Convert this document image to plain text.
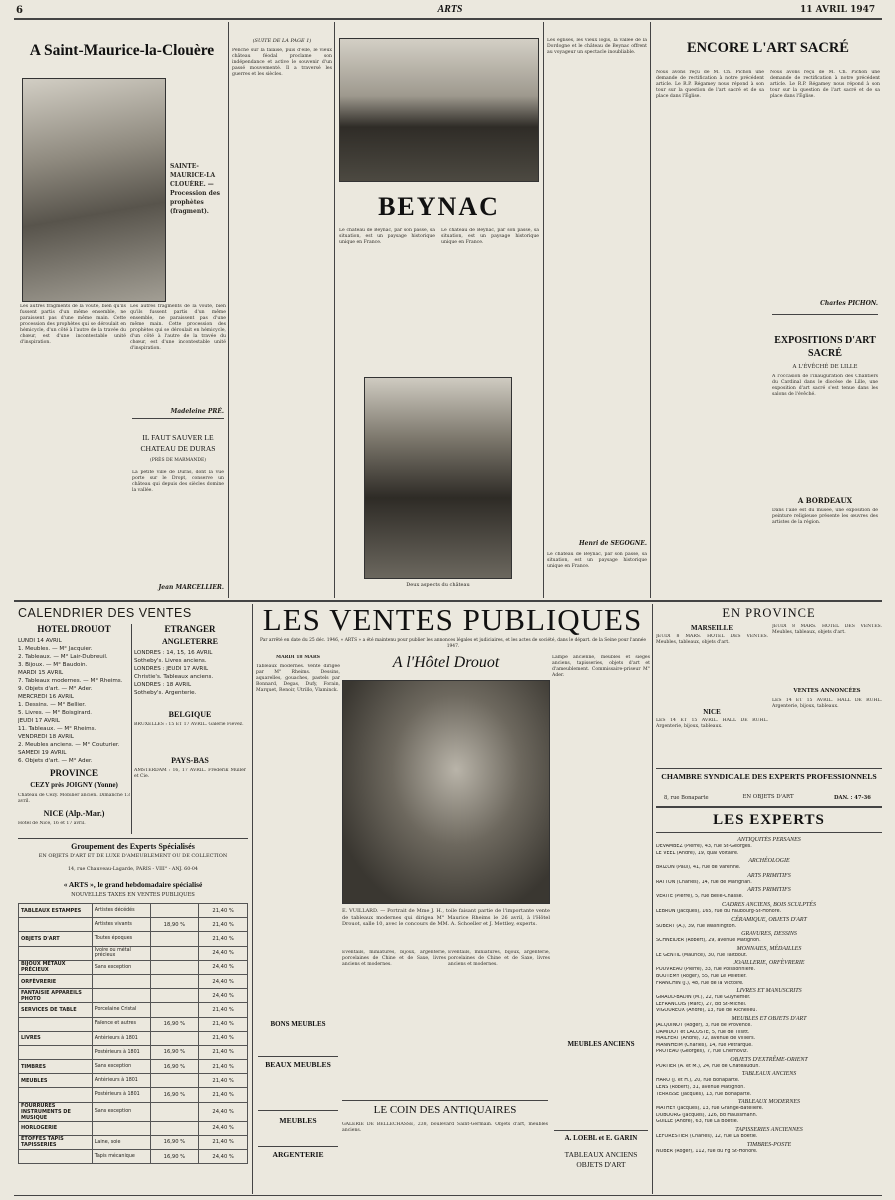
6	ARTS	11 AVRIL 1947
A Saint-Maurice-la-Clouère
SAINTE-MAURICE-LA CLOUÈRE. — Procession des prophètes (fragment).
Les autres fragments de la voûte, bien qu'ils fussent partis d'un même ensemble, ne paraissent pas d'une même main. Cette procession des prophètes qui se déroulait en hémicycle, d'un côté à l'autre de la travée du chœur, est d'une incontestable unité d'inspiration.
Les autres fragments de la voûte, bien qu'ils fussent partis d'un même ensemble, ne paraissent pas d'une même main. Cette procession des prophètes qui se déroulait en hémicycle, d'un côté à l'autre de la travée du chœur, est d'une incontestable unité d'inspiration.
Madeleine PRÉ.
IL FAUT SAUVER LE CHATEAU DE DURAS
(PRÈS DE MARMANDE)
La petite ville de Duras, dont la vue porte sur le Dropt, conserve un château qui depuis des siècles domine la vallée.
Jean MARCELLIER.
(SUITE DE LA PAGE 1)
Penché sur la falaise, puis d'elle, le vieux château féodal proclame son indépendance et active le souvenir d'un passé mouvementé. Il a traversé les guerres et les siècles.
BEYNAC
Le château de Beynac, par son passé, sa situation, est un paysage historique unique en France.
Le château de Beynac, par son passé, sa situation, est un paysage historique unique en France.
Deux aspects du château
Les églises, les vieux logis, la vallée de la Dordogne et le château de Beynac offrent au voyageur un spectacle inoubliable.
Henri de SEGOGNE.
Le château de Beynac, par son passé, sa situation, est un paysage historique unique en France.
ENCORE L'ART SACRÉ
Nous avons reçu de M. Ch. Pichon une demande de rectification à notre précédent article. Le R.P. Régamey nous répond à son tour sur la question de l'art sacré et de sa place dans l'Église.
Nous avons reçu de M. Ch. Pichon une demande de rectification à notre précédent article. Le R.P. Régamey nous répond à son tour sur la question de l'art sacré et de sa place dans l'Église.
Charles PICHON.
EXPOSITIONS D'ART SACRÉ
A L'ÉVÊCHÉ DE LILLE
A l'occasion de l'inauguration des Chantiers du Cardinal dans le diocèse de Lille, une exposition d'art sacré s'est tenue dans les salons de l'évêché.
A BORDEAUX
Dans l'aile est du musée, une exposition de peinture religieuse présente les œuvres des artistes de la région.
CALENDRIER DES VENTES
HOTEL DROUOT
LUNDI 14 AVRIL
1. Meubles. — M° Jacquier.
2. Tableaux. — M° Lair-Dubreuil.
3. Bijoux. — M° Baudoin.
MARDI 15 AVRIL
7. Tableaux modernes. — M° Rheims.
9. Objets d'art. — M° Ader.
MERCREDI 16 AVRIL
1. Dessins. — M° Bellier.
5. Livres. — M° Boisgirard.
JEUDI 17 AVRIL
11. Tableaux. — M° Rheims.
VENDREDI 18 AVRIL
2. Meubles anciens. — M° Couturier.
SAMEDI 19 AVRIL
6. Objets d'art. — M° Ader.
PROVINCE
CEZY près JOIGNY (Yonne)
Château de Cezy. Mobilier ancien. Dimanche 13 avril.
NICE (Alp.-Mar.)
Hôtel de Nice, 16 et 17 avril.
ETRANGER
ANGLETERRE
LONDRES : 14, 15, 16 AVRIL
Sotheby's. Livres anciens.
LONDRES : JEUDI 17 AVRIL
Christie's. Tableaux anciens.
LONDRES : 18 AVRIL
Sotheby's. Argenterie.
BELGIQUE
BRUXELLES : 15 ET 17 AVRIL. Galerie Fievez.
PAYS-BAS
AMSTERDAM : 16, 17 AVRIL. Frederik Muller et Cie.
Groupement des Experts Spécialisés
EN OBJETS D'ART ET DE LUXE D'AMEUBLEMENT OU DE COLLECTION
14, rue Chauveau-Lagarde, PARIS - VIII° - ANJ. 60-04
« ARTS », le grand hebdomadaire spécialisé
NOUVELLES TAXES EN VENTES PUBLIQUES
TABLEAUX ESTAMPES	Artistes décédés		21,40 %
	Artistes vivants	18,90 %	21,40 %
OBJETS D'ART	Toutes époques		21,40 %
	Ivoire ou métal précieux		24,40 %
BIJOUX MÉTAUX PRÉCIEUX	Sans exception		24,40 %
ORFÈVRERIE			24,40 %
FANTAISIE APPAREILS PHOTO			24,40 %
SERVICES DE TABLE	Porcelaine Cristal		21,40 %
	Faïence et autres	16,90 %	21,40 %
LIVRES	Antérieurs à 1801		21,40 %
	Postérieurs à 1801	16,90 %	21,40 %
TIMBRES	Sans exception	16,90 %	21,40 %
MEUBLES	Antérieurs à 1801		21,40 %
	Postérieurs à 1801	16,90 %	21,40 %
FOURRURES INSTRUMENTS DE MUSIQUE	Sans exception		24,40 %
HORLOGERIE			24,40 %
ÉTOFFES TAPIS TAPISSERIES	Laine, soie	16,90 %	21,40 %
	Tapis mécanique	16,90 %	24,40 %
LES VENTES PUBLIQUES
Par arrêté en date du 25 déc. 1946, « ARTS » a été maintenu pour publier les annonces légales et judiciaires, et les actes de société, dans le départ. de la Seine pour l'année 1947.
MARDI 18 MARS
Tableaux modernes. Vente dirigée par M° Rheims. Dessins, aquarelles, gouaches, pastels par Bonnard, Degas, Dufy, Forain, Marquet, Renoir, Utrillo, Vlaminck.
A l'Hôtel Drouot
E. VUILLARD. — Portrait de Mme J. H., toile faisant partie de l'importante vente de tableaux modernes qui dirigea M° Maurice Rheims le 26 avril, à l'Hôtel Drouot, salle 10, avec le concours de MM. A. Schoeller et J. Mettley, experts.
Lampe ancienne, meubles et sièges anciens, tapisseries, objets d'art et d'ameublement. Commissaire-priseur M° Ader.
Éventails, miniatures, bijoux, argenterie, porcelaines de Chine et de Saxe, livres anciens et modernes.
Éventails, miniatures, bijoux, argenterie, porcelaines de Chine et de Saxe, livres anciens et modernes.
BONS MEUBLES
BEAUX MEUBLES
MEUBLES
ARGENTERIE
LE COIN DES ANTIQUAIRES
GALERIE DE BELLECHASSE, 238, boulevard Saint-Germain. Objets d'art, meubles anciens.
MEUBLES ANCIENS
A. LOEBL et E. GARIN
TABLEAUX ANCIENS OBJETS D'ART
EN PROVINCE
MARSEILLE
JEUDI 8 MARS. HOTEL DES VENTES. Meubles, tableaux, objets d'art.
NICE
LES 14 ET 15 AVRIL. HALL DE RUHL. Argenterie, bijoux, tableaux.
JEUDI 8 MARS. HOTEL DES VENTES. Meubles, tableaux, objets d'art.
VENTES ANNONCÉES
LES 14 ET 15 AVRIL. HALL DE RUHL. Argenterie, bijoux, tableaux.
CHAMBRE SYNDICALE DES EXPERTS PROFESSIONNELS
EN OBJETS D'ART
8, rue Bonaparte	DAN. : 47-36
LES EXPERTS
ANTIQUITÉS PERSANES
DEVAMBEZ (Pierre), 43, rue St-Georges.
LE VEEL (André), 19, quai Voltaire.
ARCHÉOLOGIE
BRIZON (Paul), 41, rue de Varenne.
ARTS PRIMITIFS
RATTON (Charles), 14, rue de Marignan.
ARTS PRIMITIFS
VÉRITÉ (Pierre), 5, rue Belle-Chasse.
CADRES ANCIENS, BOIS SCULPTÉS
LEBRUN (Jacques), 165, rue du Faubourg-St-Honoré.
CÉRAMIQUE, OBJETS D'ART
SUBERT (A.), 39, rue Washington.
GRAVURES, DESSINS
SCHNEIDER (Robert), 29, avenue Matignon.
MONNAIES, MÉDAILLES
LE GENTIL (Maurice), 30, rue Taitbout.
JOAILLERIE, ORFÈVRERIE
POUVREAU (Pierre), 33, rue Poissonnière.
BOUTEMY (Roger), 55, rue Le Peletier.
FRANCHIN (J.), 48, rue de la Victoire.
LIVRES ET MANUSCRITS
GIRAUD-BADIN (M.), 22, rue Guynemer.
LEFRANCOIS (Marc), 27, bd St-Michel.
VIGOUREUX (André), 13, rue de Richelieu.
MEUBLES ET OBJETS D'ART
JACQUINOT (Roger), 3, rue de Provence.
DAMIDOT et LACOSTE, 5, rue de Tilsitt.
MAILFERT (André), 72, avenue de Villiers.
MANNHEIM (Charles), 14, rue Pétrarque.
PROTEAU (Georges), 7, rue Chernoviz.
OBJETS D'EXTRÊME-ORIENT
PORTIER (A. et M.), 24, rue de Châteaudun.
TABLEAUX ANCIENS
HARO (J. et H.), 20, rue Bonaparte.
LENS (Robert), 31, avenue Matignon.
TERRISSE (Jacques), 13, rue Bonaparte.
TABLEAUX MODERNES
MATHEY (Jacques), 13, rue Grange-Batelière.
DUBOURG (Jacques), 126, bd Haussmann.
GUILLE (André), 63, rue La Boétie.
TAPISSERIES ANCIENNES
LEFORESTIER (Charles), 12, rue La Boétie.
TIMBRES-POSTE
NOBER (Roger), 112, rue du Fg St-Honoré.
